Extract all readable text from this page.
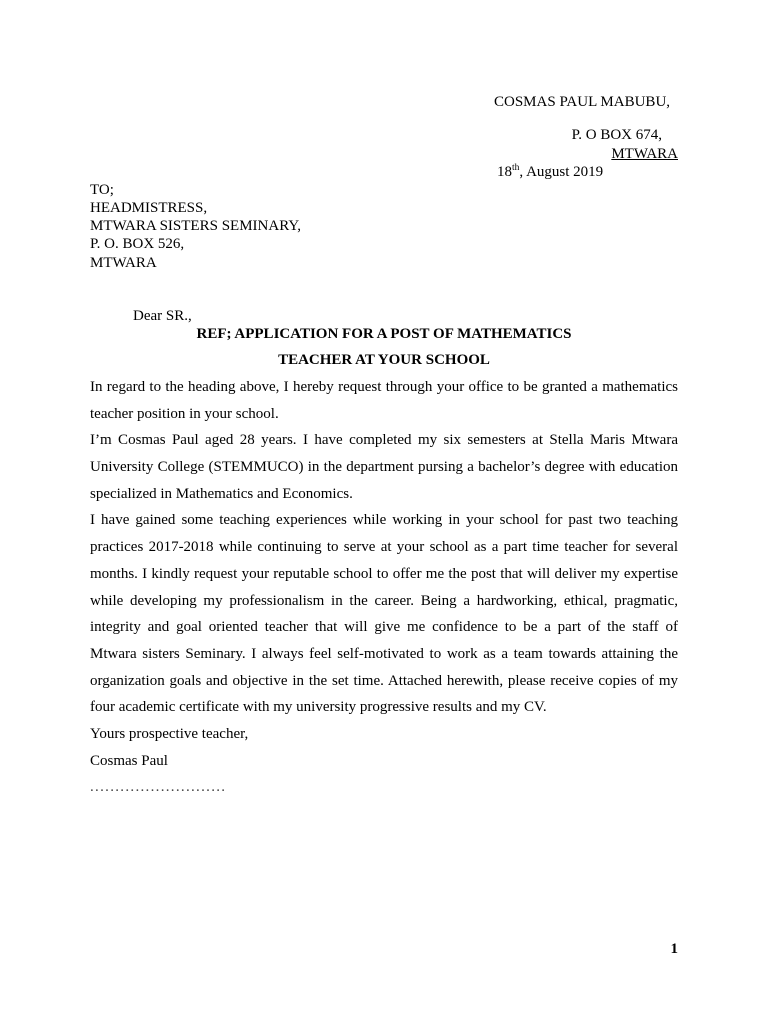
COSMAS PAUL MABUBU,
P. O BOX 674,
MTWARA
18th, August 2019
TO;
HEADMISTRESS,
MTWARA SISTERS SEMINARY,
P. O. BOX 526,
MTWARA
Dear SR.,
REF; APPLICATION FOR A POST OF MATHEMATICS
TEACHER AT YOUR SCHOOL
In regard to the heading above, I hereby request through your office to be granted a mathematics
teacher position in your school.
I’m Cosmas Paul aged 28 years. I have completed my six semesters at Stella Maris Mtwara
University College (STEMMUCO) in the department pursing a bachelor’s degree with education
specialized in Mathematics and Economics.
I have gained some teaching experiences while working in your school for past two teaching
practices 2017-2018 while continuing to serve at your school as a part time teacher for several
months. I kindly request your reputable school to offer me the post that will deliver my expertise
while developing my professionalism in the career. Being a hardworking, ethical, pragmatic,
integrity and goal oriented teacher that will give me confidence to be a part of the staff of
Mtwara sisters Seminary. I always feel self-motivated to work as a team towards attaining the
organization goals and objective in the set time. Attached herewith, please receive copies of my
four academic certificate with my university progressive results and my CV.
Yours prospective teacher,
Cosmas Paul
...........................
1
